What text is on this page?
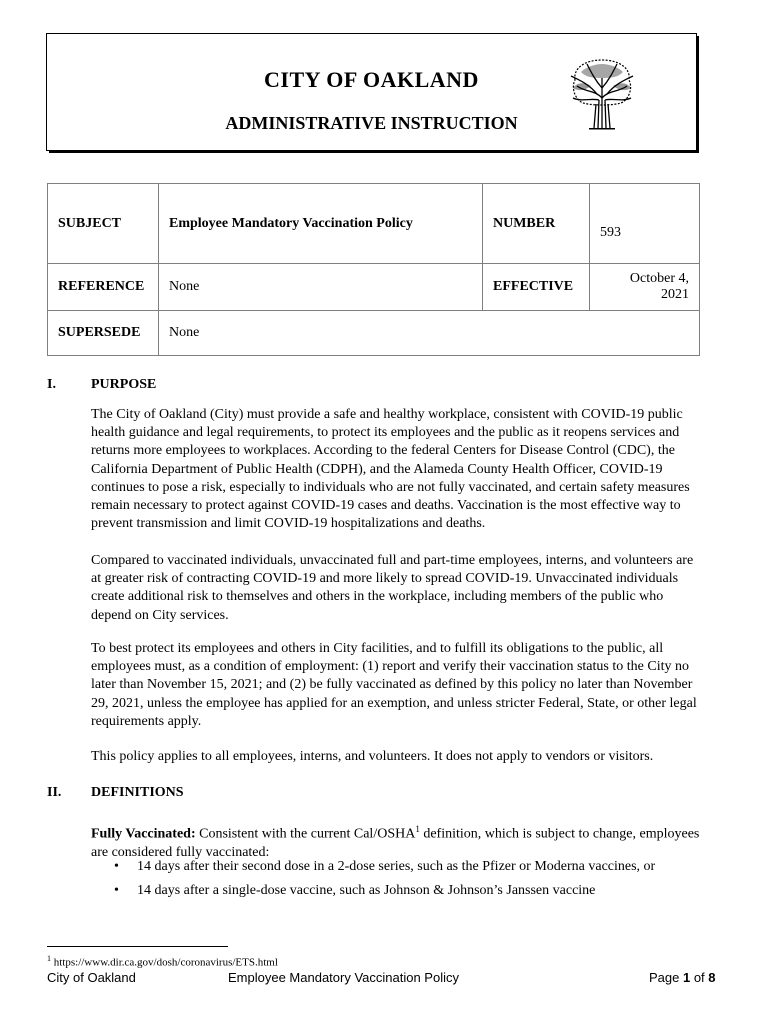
CITY OF OAKLAND
ADMINISTRATIVE INSTRUCTION
SUBJECT	Employee Mandatory Vaccination Policy	NUMBER	593
REFERENCE	None	EFFECTIVE	October 4, 2021
SUPERSEDE	None		
I.	PURPOSE

The City of Oakland (City) must provide a safe and healthy workplace, consistent with COVID-19 public health guidance and legal requirements, to protect its employees and the public as it reopens services and returns more employees to workplaces. According to the federal Centers for Disease Control (CDC), the California Department of Public Health (CDPH), and the Alameda County Health Officer, COVID-19 continues to pose a risk, especially to individuals who are not fully vaccinated, and certain safety measures remain necessary to protect against COVID-19 cases and deaths. Vaccination is the most effective way to prevent transmission and limit COVID-19 hospitalizations and deaths.

Compared to vaccinated individuals, unvaccinated full and part-time employees, interns, and volunteers are at greater risk of contracting COVID-19 and more likely to spread COVID-19. Unvaccinated individuals create additional risk to themselves and others in the workplace, including members of the public who depend on City services.

To best protect its employees and others in City facilities, and to fulfill its obligations to the public, all employees must, as a condition of employment: (1) report and verify their vaccination status to the City no later than November 15, 2021; and (2) be fully vaccinated as defined by this policy no later than November 29, 2021, unless the employee has applied for an exemption, and unless stricter Federal, State, or other legal requirements apply.

This policy applies to all employees, interns, and volunteers. It does not apply to vendors or visitors.

II. DEFINITIONS

Fully Vaccinated: Consistent with the current Cal/OSHA$^1$ definition, which is subject to change, employees are considered fully vaccinated:

• 14 days after their second dose in a 2-dose series, such as the Pfizer or Moderna vaccines, or
• 14 days after a single-dose vaccine, such as Johnson & Johnson’s Janssen vaccine
$^1$ https://www.dir.ca.gov/dosh/coronavirus/ETS.html
City of Oakland	Employee Mandatory Vaccination Policy	Page 1 of 8
